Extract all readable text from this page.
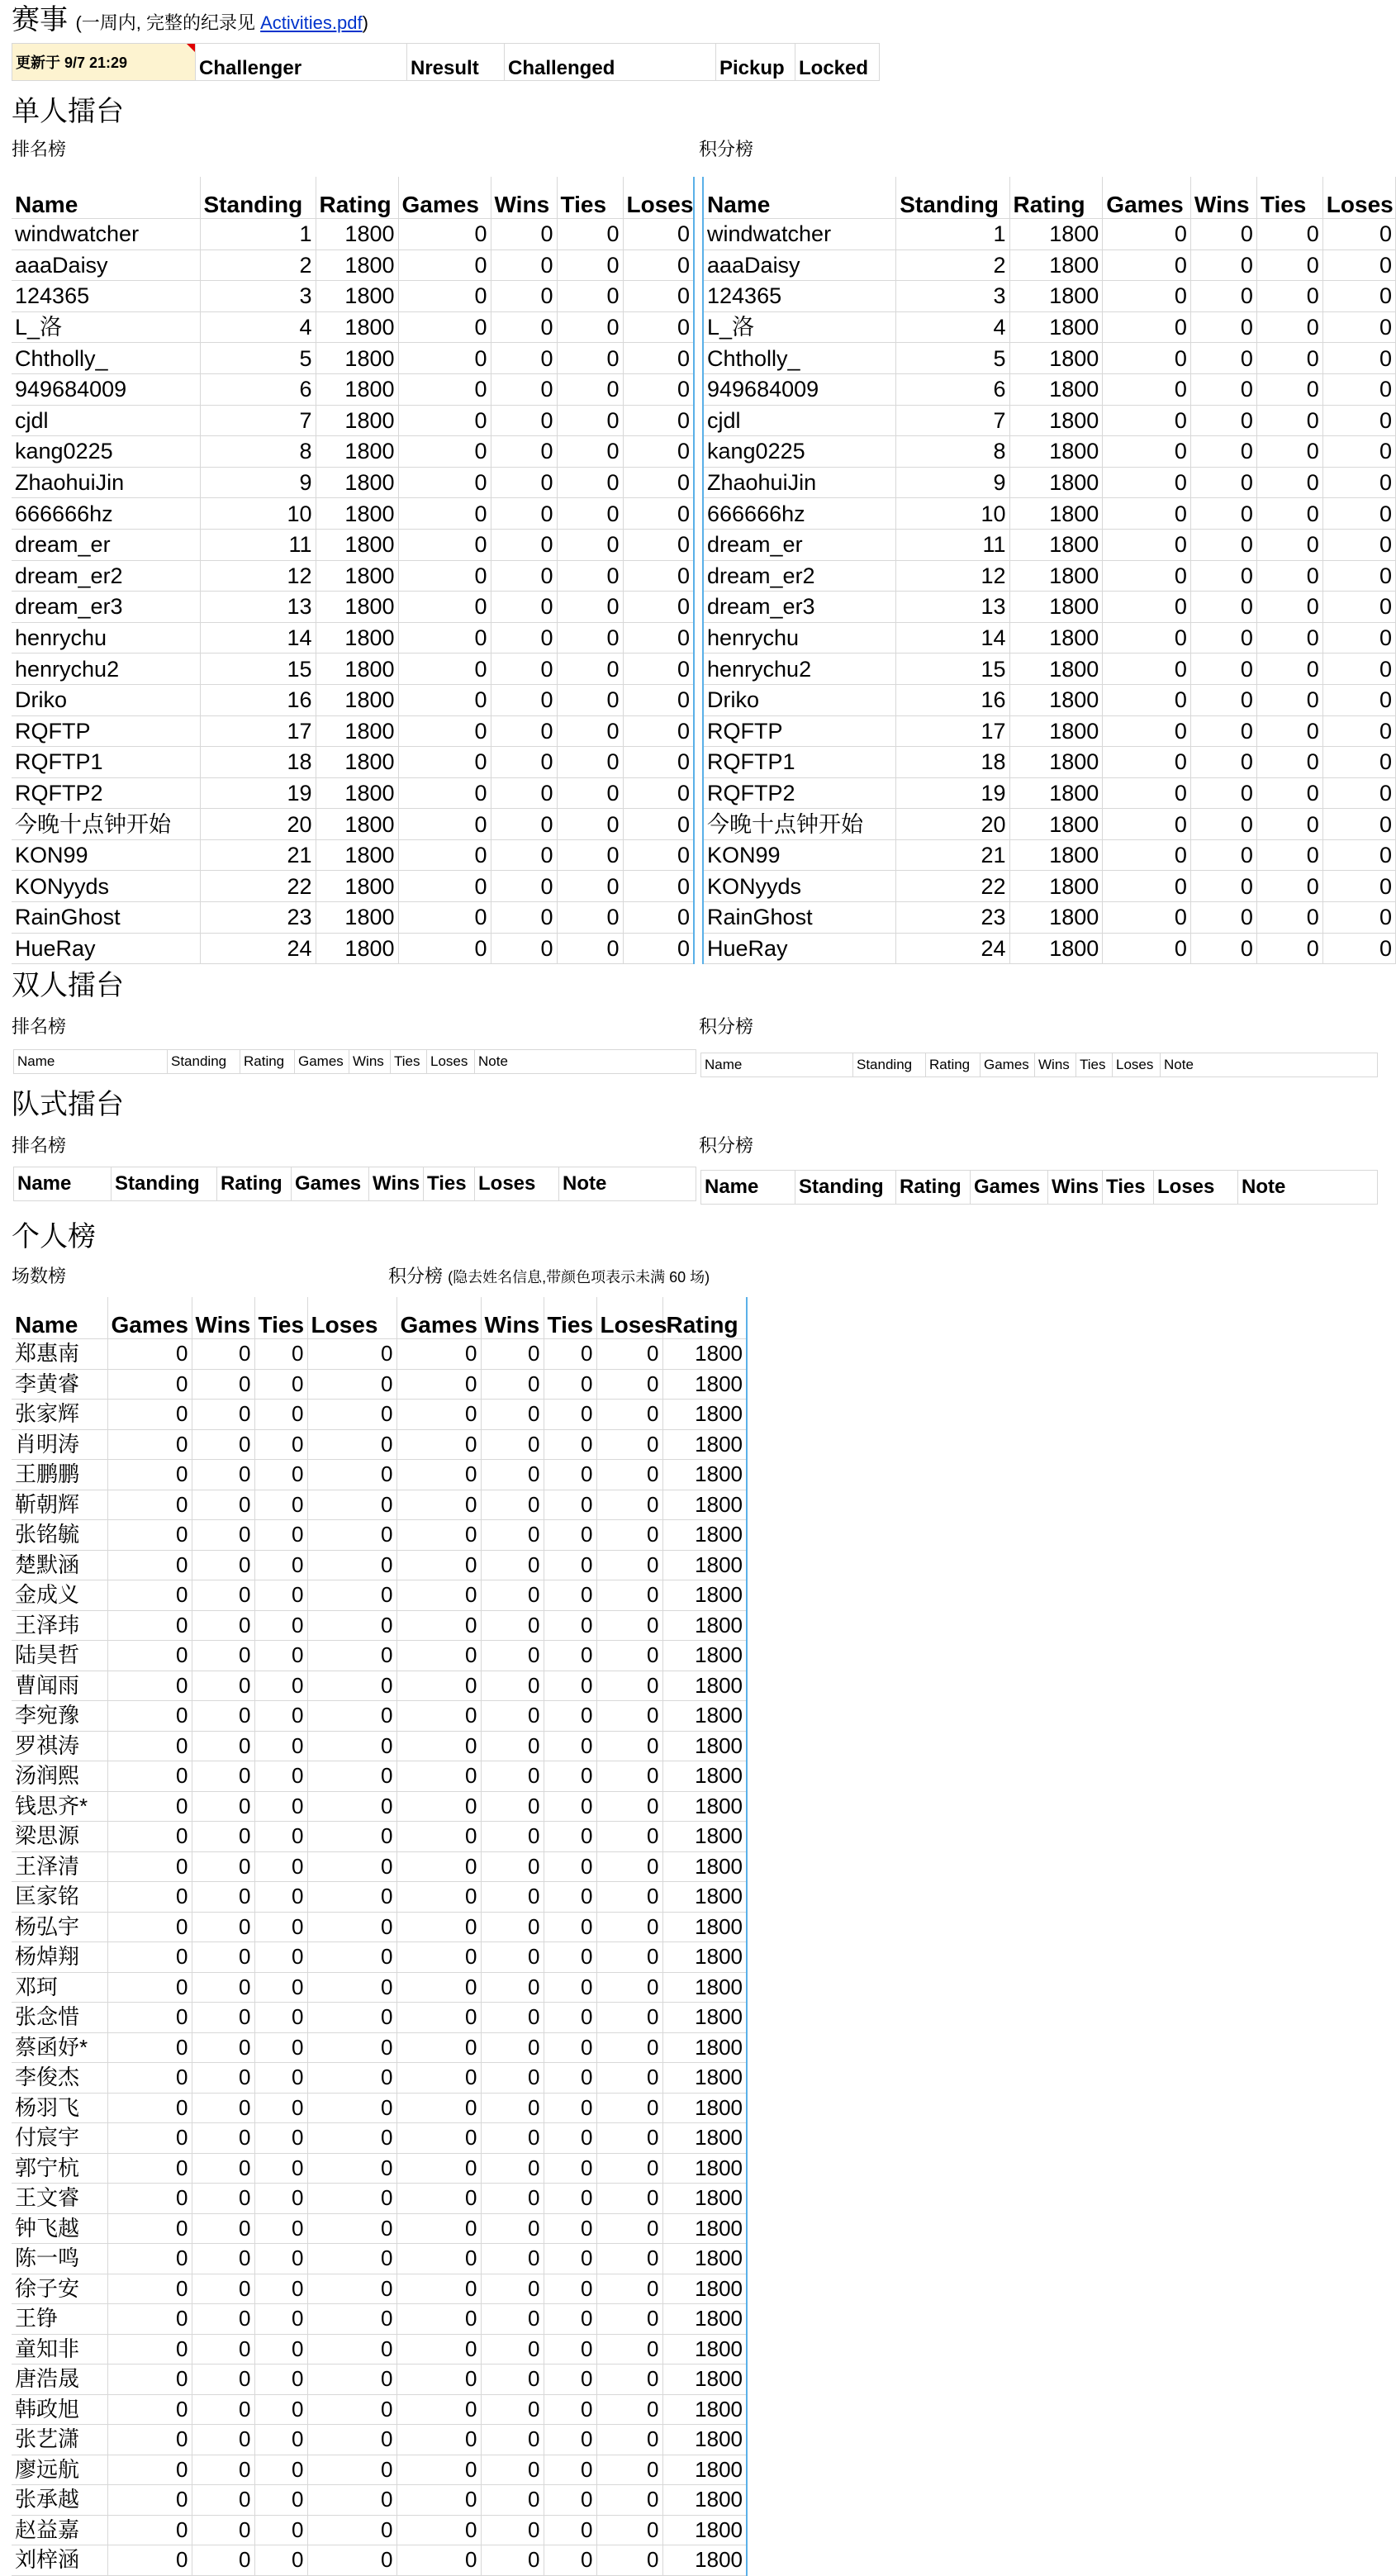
赛事 (一周内, 完整的纪录见 Activities.pdf)
更新于 9/7 21:29	Challenger	Nresult	Challenged	Pickup	Locked
单人擂台
排名榜	积分榜
Name	Standing	Rating	Games	Wins	Ties	Loses
windwatcher	1	1800	0	0	0	0
aaaDaisy	2	1800	0	0	0	0
124365	3	1800	0	0	0	0
L_洛	4	1800	0	0	0	0
Chtholly_	5	1800	0	0	0	0
949684009	6	1800	0	0	0	0
cjdl	7	1800	0	0	0	0
kang0225	8	1800	0	0	0	0
ZhaohuiJin	9	1800	0	0	0	0
666666hz	10	1800	0	0	0	0
dream_er	11	1800	0	0	0	0
dream_er2	12	1800	0	0	0	0
dream_er3	13	1800	0	0	0	0
henrychu	14	1800	0	0	0	0
henrychu2	15	1800	0	0	0	0
Driko	16	1800	0	0	0	0
RQFTP	17	1800	0	0	0	0
RQFTP1	18	1800	0	0	0	0
RQFTP2	19	1800	0	0	0	0
今晚十点钟开始	20	1800	0	0	0	0
KON99	21	1800	0	0	0	0
KONyyds	22	1800	0	0	0	0
RainGhost	23	1800	0	0	0	0
HueRay	24	1800	0	0	0	0
Name	Standing	Rating	Games	Wins	Ties	Loses
windwatcher	1	1800	0	0	0	0
aaaDaisy	2	1800	0	0	0	0
124365	3	1800	0	0	0	0
L_洛	4	1800	0	0	0	0
Chtholly_	5	1800	0	0	0	0
949684009	6	1800	0	0	0	0
cjdl	7	1800	0	0	0	0
kang0225	8	1800	0	0	0	0
ZhaohuiJin	9	1800	0	0	0	0
666666hz	10	1800	0	0	0	0
dream_er	11	1800	0	0	0	0
dream_er2	12	1800	0	0	0	0
dream_er3	13	1800	0	0	0	0
henrychu	14	1800	0	0	0	0
henrychu2	15	1800	0	0	0	0
Driko	16	1800	0	0	0	0
RQFTP	17	1800	0	0	0	0
RQFTP1	18	1800	0	0	0	0
RQFTP2	19	1800	0	0	0	0
今晚十点钟开始	20	1800	0	0	0	0
KON99	21	1800	0	0	0	0
KONyyds	22	1800	0	0	0	0
RainGhost	23	1800	0	0	0	0
HueRay	24	1800	0	0	0	0
双人擂台
排名榜	积分榜
Name	Standing	Rating	Games	Wins	Ties	Loses	Note	Name	Standing	Rating	Games	Wins	Ties	Loses	Note
队式擂台
排名榜	积分榜
Name	Standing	Rating	Games	Wins	Ties	Loses	Note	Name	Standing	Rating	Games	Wins	Ties	Loses	Note
个人榜
场数榜	积分榜 (隐去姓名信息,带颜色项表示未满 60 场)
Name	Games	Wins	Ties	Loses	Games	Wins	Ties	Loses	Rating
郑惠南	0	0	0	0	0	0	0	0	1800
李黄睿	0	0	0	0	0	0	0	0	1800
张家辉	0	0	0	0	0	0	0	0	1800
肖明涛	0	0	0	0	0	0	0	0	1800
王鹏鹏	0	0	0	0	0	0	0	0	1800
靳朝辉	0	0	0	0	0	0	0	0	1800
张铭毓	0	0	0	0	0	0	0	0	1800
楚默涵	0	0	0	0	0	0	0	0	1800
金成义	0	0	0	0	0	0	0	0	1800
王泽玮	0	0	0	0	0	0	0	0	1800
陆昊哲	0	0	0	0	0	0	0	0	1800
曹闻雨	0	0	0	0	0	0	0	0	1800
李宛豫	0	0	0	0	0	0	0	0	1800
罗祺涛	0	0	0	0	0	0	0	0	1800
汤润熙	0	0	0	0	0	0	0	0	1800
钱思齐*	0	0	0	0	0	0	0	0	1800
梁思源	0	0	0	0	0	0	0	0	1800
王泽清	0	0	0	0	0	0	0	0	1800
匡家铭	0	0	0	0	0	0	0	0	1800
杨弘宇	0	0	0	0	0	0	0	0	1800
杨焯翔	0	0	0	0	0	0	0	0	1800
邓珂	0	0	0	0	0	0	0	0	1800
张念惜	0	0	0	0	0	0	0	0	1800
蔡函妤*	0	0	0	0	0	0	0	0	1800
李俊杰	0	0	0	0	0	0	0	0	1800
杨羽飞	0	0	0	0	0	0	0	0	1800
付宸宇	0	0	0	0	0	0	0	0	1800
郭宁杭	0	0	0	0	0	0	0	0	1800
王文睿	0	0	0	0	0	0	0	0	1800
钟飞越	0	0	0	0	0	0	0	0	1800
陈一鸣	0	0	0	0	0	0	0	0	1800
徐子安	0	0	0	0	0	0	0	0	1800
王铮	0	0	0	0	0	0	0	0	1800
童知非	0	0	0	0	0	0	0	0	1800
唐浩晟	0	0	0	0	0	0	0	0	1800
韩政旭	0	0	0	0	0	0	0	0	1800
张艺潇	0	0	0	0	0	0	0	0	1800
廖远航	0	0	0	0	0	0	0	0	1800
张承越	0	0	0	0	0	0	0	0	1800
赵益嘉	0	0	0	0	0	0	0	0	1800
刘梓涵	0	0	0	0	0	0	0	0	1800
